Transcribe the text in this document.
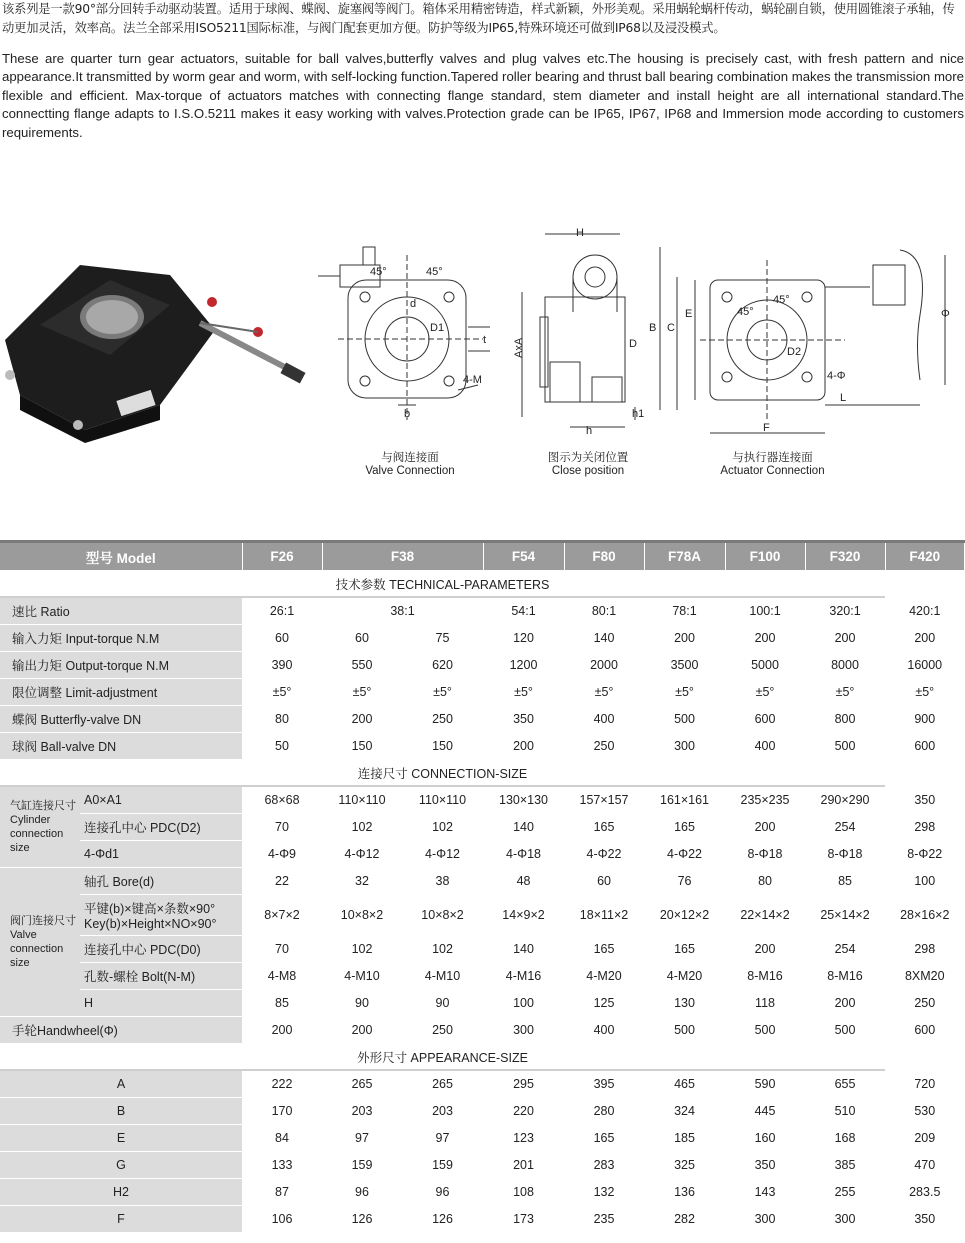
该系列是一款90°部分回转手动驱动装置。适用于球阀、蝶阀、旋塞阀等阀门。箱体采用精密铸造，样式新颖，外形美观。采用蜗轮蜗杆传动，蜗轮副自锁，使用圆锥滚子承轴，传动更加灵活，效率高。法兰全部采用ISO5211国际标准，与阀门配套更加方便。防护等级为IP65,特殊环境还可做到IP68以及浸没模式。
These are quarter turn gear actuators, suitable for ball valves,butterfly valves and plug valves etc.The housing is precisely cast, with fresh pattern and nice appearance.It transmitted by worm gear and worm, with self-locking function.Tapered roller bearing and thrust ball bearing combination makes the transmission more flexible and efficient. Max-torque of actuators matches with connecting flange standard, stem diameter and install height are all international standard.The connectting flange adapts to I.S.O.5211 makes it easy working with valves.Protection grade can be IP65, IP67, IP68 and Immersion mode according to customers requirements.
45°	45°
d
D1
t
4-M
b
与阀连接面
Valve Connection
H
AxA	D
h1
h
图示为关闭位置
Close position
B C
E	45°
45°
D2
4-Φ
L
F
Φ
与执行器连接面
Actuator Connection
型号 Model		F26	F38		F54	F80	F78A	F100	F320	F420
技术参数 TECHNICAL-PARAMETERS										
速比 Ratio		26:1	38:1		54:1	80:1	78:1	100:1	320:1	420:1
输入力矩 Input-torque N.M		60	60	75	120	140	200	200	200	200
输出力矩 Output-torque N.M		390	550	620	1200	2000	3500	5000	8000	16000
限位调整 Limit-adjustment		±5°	±5°	±5°	±5°	±5°	±5°	±5°	±5°	±5°
蝶阀 Butterfly-valve DN		80	200	250	350	400	500	600	800	900
球阀 Ball-valve DN		50	150	150	200	250	300	400	500	600
连接尺寸 CONNECTION-SIZE										
气缸连接尺寸 Cylinder connection size	A0×A1	68×68	110×110	110×110	130×130	157×157	161×161	235×235	290×290	350
	连接孔中心 PDC(D2)	70	102	102	140	165	165	200	254	298
	4-Φd1	4-Φ9	4-Φ12	4-Φ12	4-Φ18	4-Φ22	4-Φ22	8-Φ18	8-Φ18	8-Φ22
阀门连接尺寸 Valve connection size	轴孔 Bore(d)	22	32	38	48	60	76	80	85	100
	平键(b)×键高×条数×90° Key(b)×Height×NO×90°	8×7×2	10×8×2	10×8×2	14×9×2	18×11×2	20×12×2	22×14×2	25×14×2	28×16×2
	连接孔中心 PDC(D0)	70	102	102	140	165	165	200	254	298
	孔数-螺栓 Bolt(N-M)	4-M8	4-M10	4-M10	4-M16	4-M20	4-M20	8-M16	8-M16	8XM20
	H	85	90	90	100	125	130	118	200	250
手轮Handwheel(Φ)		200	200	250	300	400	500	500	500	600
外形尺寸 APPEARANCE-SIZE										
A		222	265	265	295	395	465	590	655	720
B		170	203	203	220	280	324	445	510	530
E		84	97	97	123	165	185	160	168	209
G		133	159	159	201	283	325	350	385	470
H2		87	96	96	108	132	136	143	255	283.5
F		106	126	126	173	235	282	300	300	350
